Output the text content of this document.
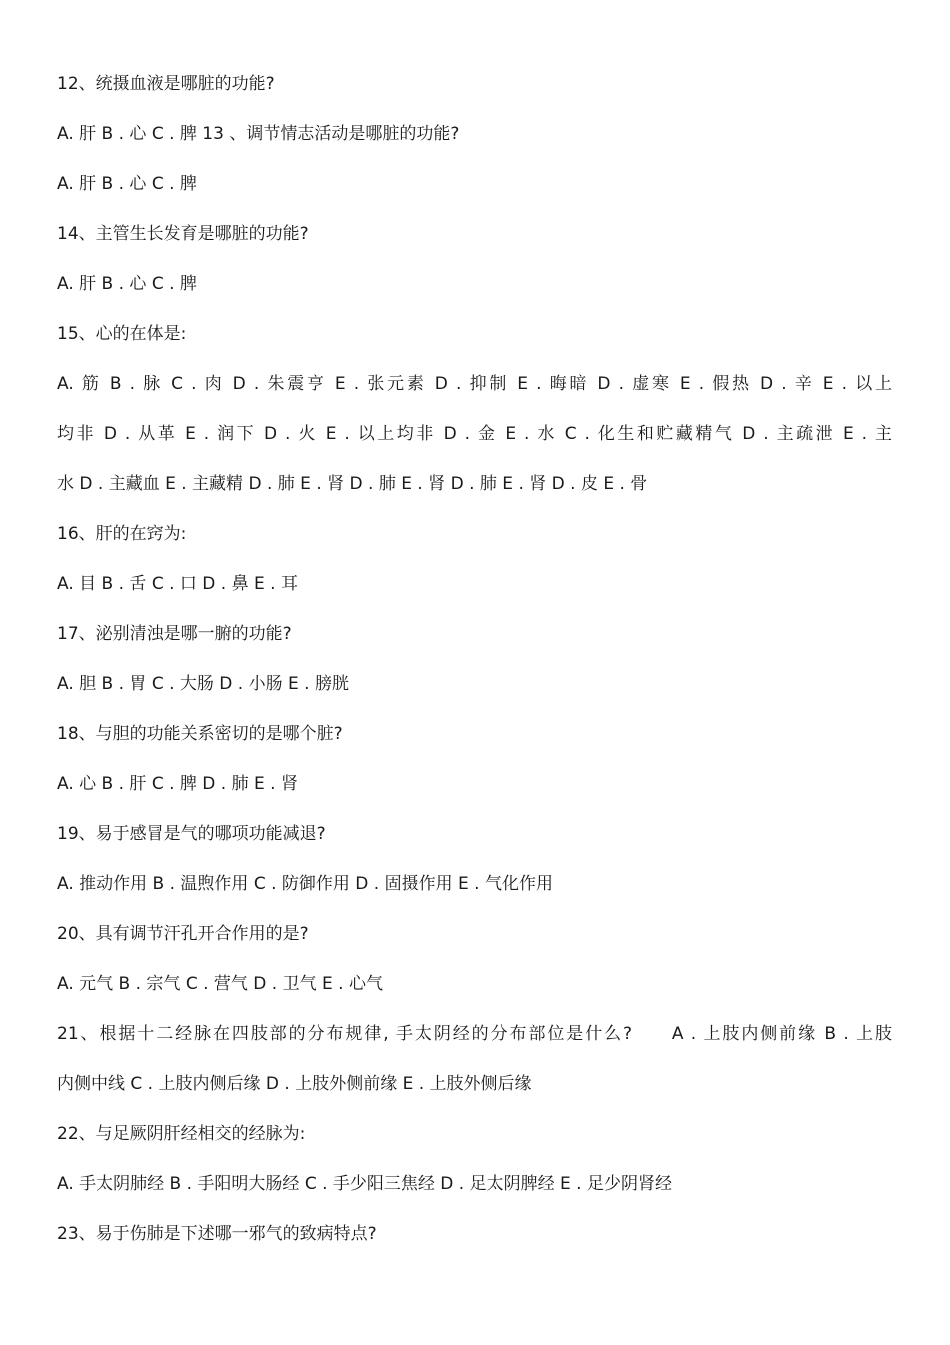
12、统摄血液是哪脏的功能?
A. 肝 B . 心 C . 脾 13 、调节情志活动是哪脏的功能?
A. 肝 B . 心 C . 脾
14、主管生长发育是哪脏的功能?
A. 肝 B . 心 C . 脾
15、心的在体是:
A. 筋 B . 脉 C . 肉 D . 朱震亨 E . 张元素 D . 抑制 E . 晦暗 D . 虚寒 E . 假热 D . 辛 E . 以上
均非 D . 从革 E . 润下 D . 火 E . 以上均非 D . 金 E . 水 C . 化生和贮藏精气 D . 主疏泄 E . 主
水 D . 主藏血 E . 主藏精 D . 肺 E . 肾 D . 肺 E . 肾 D . 肺 E . 肾 D . 皮 E . 骨
16、肝的在窍为:
A. 目 B . 舌 C . 口 D . 鼻 E . 耳
17、泌别清浊是哪一腑的功能?
A. 胆 B . 胃 C . 大肠 D . 小肠 E . 膀胱
18、与胆的功能关系密切的是哪个脏?
A. 心 B . 肝 C . 脾 D . 肺 E . 肾
19、易于感冒是气的哪项功能减退?
A. 推动作用 B . 温煦作用 C . 防御作用 D . 固摄作用 E . 气化作用
20、具有调节汗孔开合作用的是?
A. 元气 B . 宗气 C . 营气 D . 卫气 E . 心气
21、根据十二经脉在四肢部的分布规律, 手太阴经的分布部位是什么?　　A . 上肢内侧前缘 B . 上肢
内侧中线 C . 上肢内侧后缘 D . 上肢外侧前缘 E . 上肢外侧后缘
22、与足厥阴肝经相交的经脉为:
A. 手太阴肺经 B . 手阳明大肠经 C . 手少阳三焦经 D . 足太阴脾经 E . 足少阴肾经
23、易于伤肺是下述哪一邪气的致病特点?
